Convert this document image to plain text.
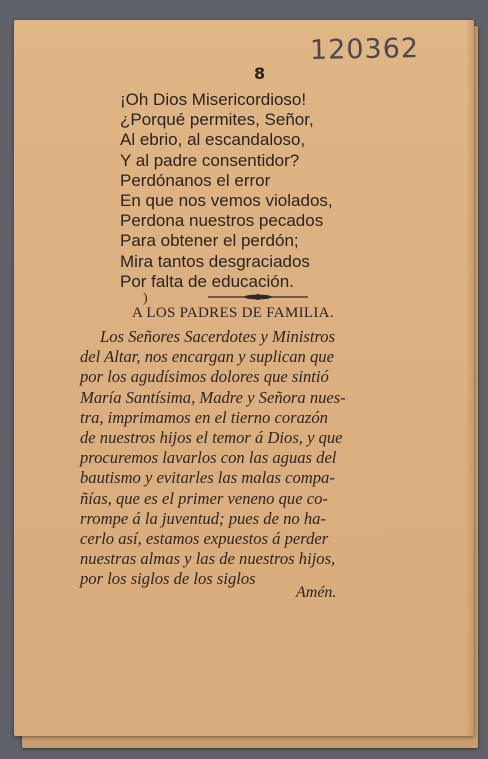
120362
8
¡Oh Dios Misericordioso!
¿Porqué permites, Señor,
Al ebrio, al escandaloso,
Y al padre consentidor?
Perdónanos el error
En que nos vemos violados,
Perdona nuestros pecados
Para obtener el perdón;
Mira tantos desgraciados
Por falta de educación.
)
A LOS PADRES DE FAMILIA.
Los Señores Sacerdotes y Ministros
del Altar, nos encargan y suplican que
por los agudísimos dolores que sintió
María Santísima, Madre y Señora nues-
tra, imprimamos en el tierno corazón
de nuestros hijos el temor á Dios, y que
procuremos lavarlos con las aguas del
bautismo y evitarles las malas compa-
ñías, que es el primer veneno que co-
rrompe á la juventud; pues de no ha-
cerlo así, estamos expuestos á perder
nuestras almas y las de nuestros hijos,
por los siglos de los siglos
Amén.
